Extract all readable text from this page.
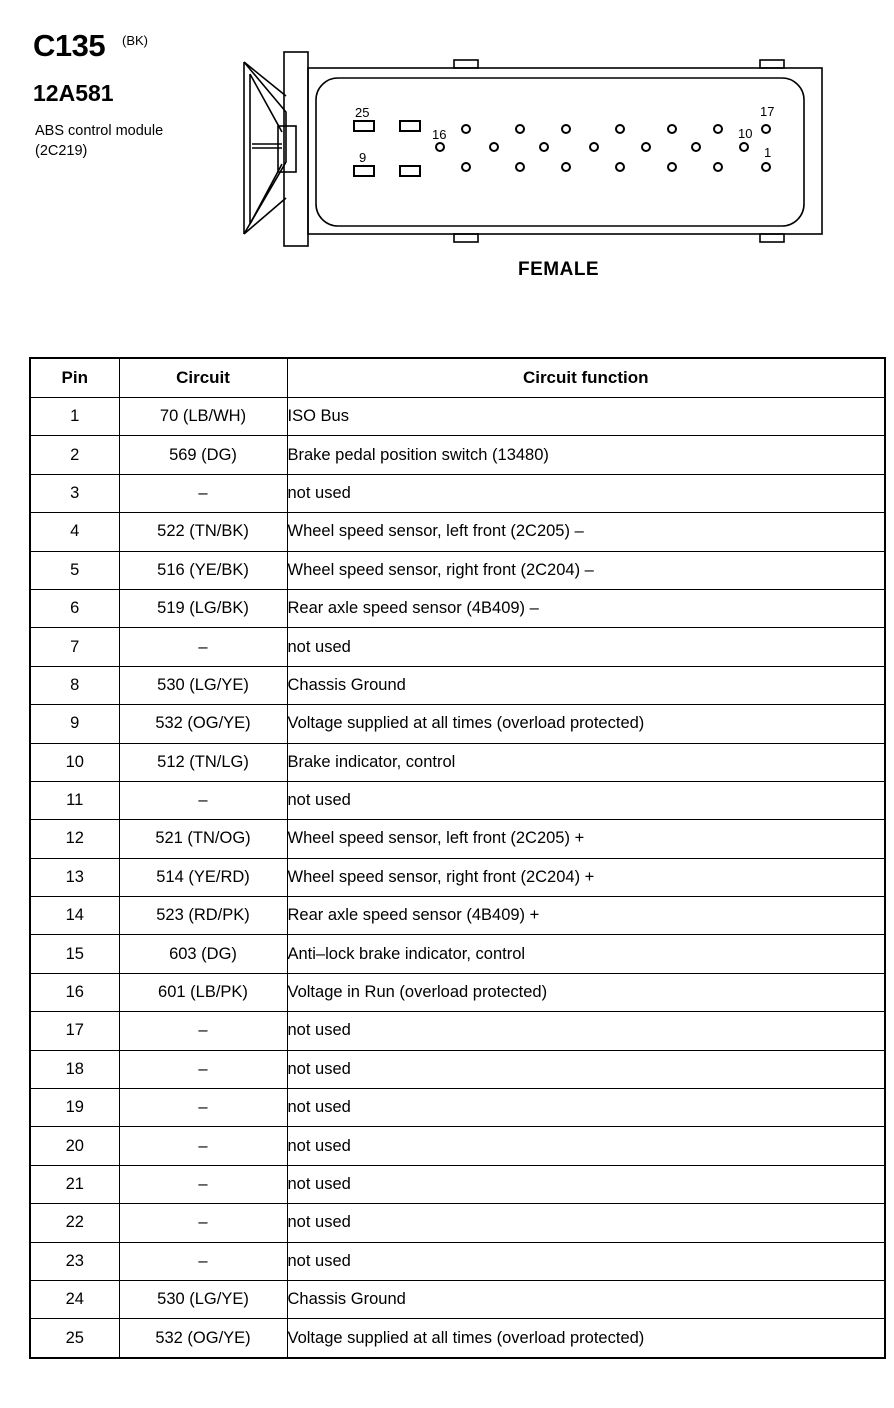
C135 (BK)
12A581
ABS control module
(2C219)
25	17
16	10
9	1
FEMALE
Pin	Circuit	Circuit function
1	70 (LB/WH)	ISO Bus
2	569 (DG)	Brake pedal position switch (13480)
3	–	not used
4	522 (TN/BK)	Wheel speed sensor, left front (2C205) –
5	516 (YE/BK)	Wheel speed sensor, right front (2C204) –
6	519 (LG/BK)	Rear axle speed sensor (4B409) –
7	–	not used
8	530 (LG/YE)	Chassis Ground
9	532 (OG/YE)	Voltage supplied at all times (overload protected)
10	512 (TN/LG)	Brake indicator, control
11	–	not used
12	521 (TN/OG)	Wheel speed sensor, left front (2C205) +
13	514 (YE/RD)	Wheel speed sensor, right front (2C204) +
14	523 (RD/PK)	Rear axle speed sensor (4B409) +
15	603 (DG)	Anti–lock brake indicator, control
16	601 (LB/PK)	Voltage in Run (overload protected)
17	–	not used
18	–	not used
19	–	not used
20	–	not used
21	–	not used
22	–	not used
23	–	not used
24	530 (LG/YE)	Chassis Ground
25	532 (OG/YE)	Voltage supplied at all times (overload protected)
